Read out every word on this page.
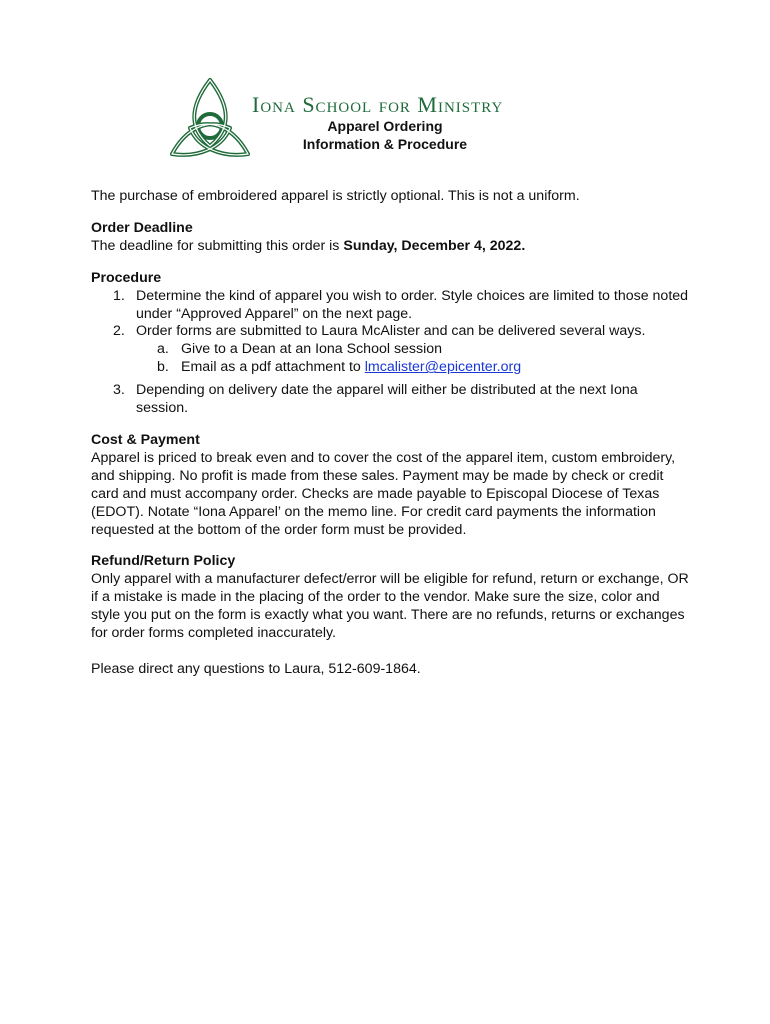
Iona School for Ministry
Apparel Ordering
Information & Procedure

The purchase of embroidered apparel is strictly optional. This is not a uniform.

Order Deadline

The deadline for submitting this order is Sunday, December 4, 2022.

Procedure

1. Determine the kind of apparel you wish to order. Style choices are limited to those noted under “Approved Apparel” on the next page.
2. Order forms are submitted to Laura McAlister and can be delivered several ways.
a. Give to a Dean at an Iona School session
b. Email as a pdf attachment to lmcalister@epicenter.org
3. Depending on delivery date the apparel will either be distributed at the next Iona session.

Cost & Payment

Apparel is priced to break even and to cover the cost of the apparel item, custom embroidery, and shipping. No profit is made from these sales. Payment may be made by check or credit card and must accompany order. Checks are made payable to Episcopal Diocese of Texas (EDOT). Notate “Iona Apparel’ on the memo line. For credit card payments the information requested at the bottom of the order form must be provided.

Refund/Return Policy

Only apparel with a manufacturer defect/error will be eligible for refund, return or exchange, OR if a mistake is made in the placing of the order to the vendor. Make sure the size, color and style you put on the form is exactly what you want. There are no refunds, returns or exchanges for order forms completed inaccurately.

Please direct any questions to Laura, 512-609-1864.
